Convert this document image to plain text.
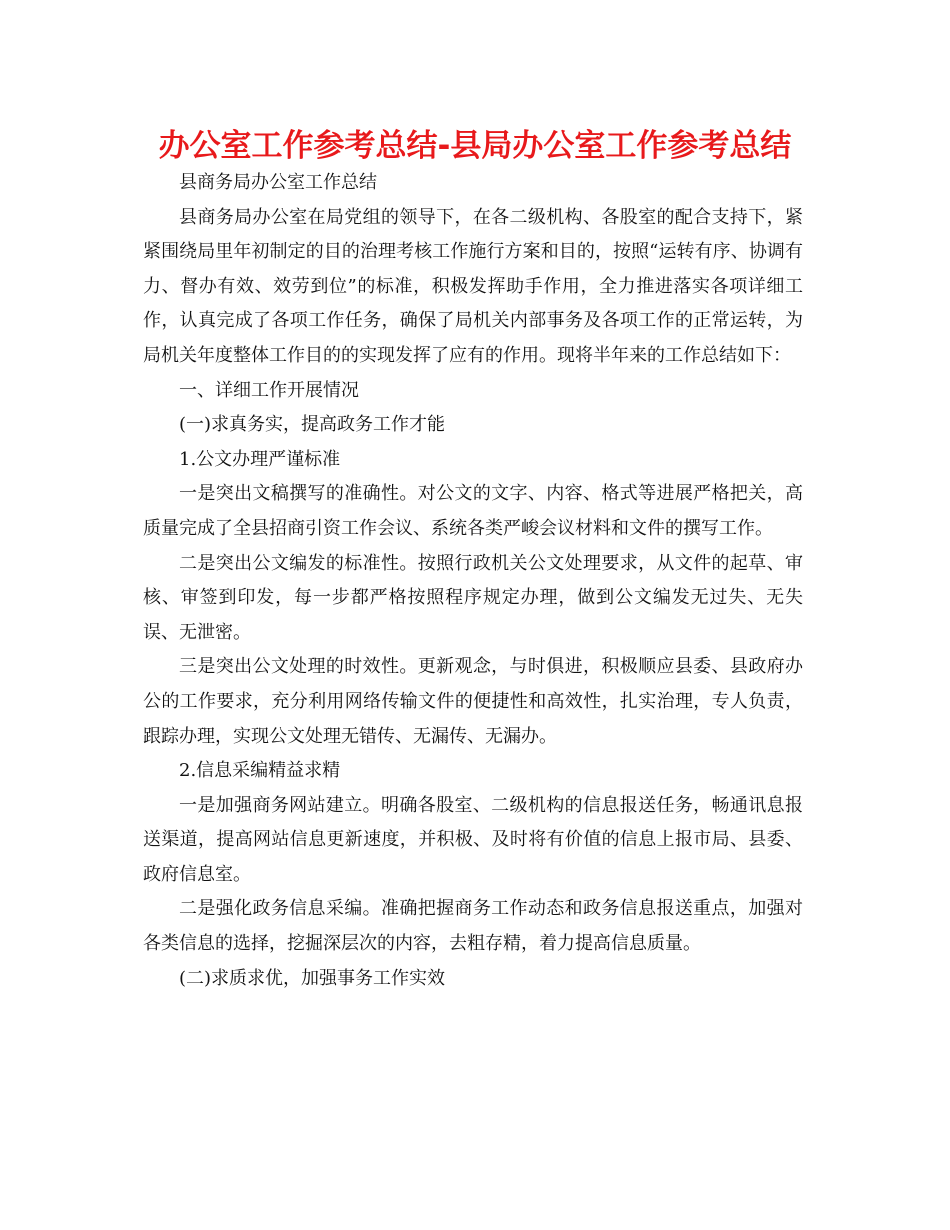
办公室工作参考总结-县局办公室工作参考总结

县商务局办公室工作总结

县商务局办公室在局党组的领导下，在各二级机构、各股室的配合支持下，紧紧围绕局里年初制定的目的治理考核工作施行方案和目的，按照“运转有序、协调有力、督办有效、效劳到位”的标准，积极发挥助手作用，全力推进落实各项详细工作，认真完成了各项工作任务，确保了局机关内部事务及各项工作的正常运转，为局机关年度整体工作目的的实现发挥了应有的作用。现将半年来的工作总结如下：

一、详细工作开展情况

(一)求真务实，提高政务工作才能

1.公文办理严谨标准

一是突出文稿撰写的准确性。对公文的文字、内容、格式等进展严格把关，高质量完成了全县招商引资工作会议、系统各类严峻会议材料和文件的撰写工作。

二是突出公文编发的标准性。按照行政机关公文处理要求，从文件的起草、审核、审签到印发，每一步都严格按照程序规定办理，做到公文编发无过失、无失误、无泄密。

三是突出公文处理的时效性。更新观念，与时俱进，积极顺应县委、县政府办公的工作要求，充分利用网络传输文件的便捷性和高效性，扎实治理，专人负责，跟踪办理，实现公文处理无错传、无漏传、无漏办。

2.信息采编精益求精

一是加强商务网站建立。明确各股室、二级机构的信息报送任务，畅通讯息报送渠道，提高网站信息更新速度，并积极、及时将有价值的信息上报市局、县委、政府信息室。

二是强化政务信息采编。准确把握商务工作动态和政务信息报送重点，加强对各类信息的选择，挖掘深层次的内容，去粗存精，着力提高信息质量。

(二)求质求优，加强事务工作实效
